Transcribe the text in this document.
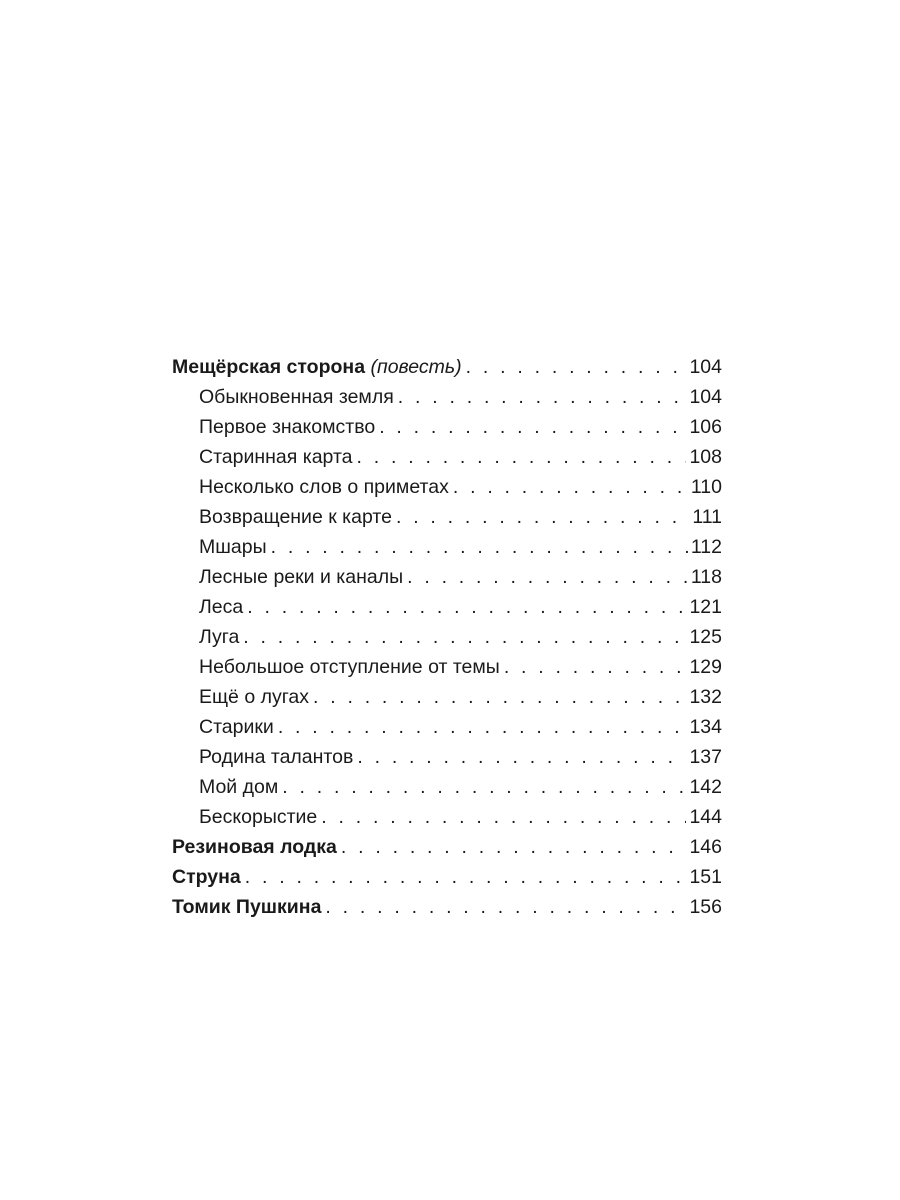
Мещёрская сторона (повесть) . . .	104
Обыкновенная земля . . .	104
Первое знакомство . . .	106
Старинная карта . . .	108
Несколько слов о приметах . . .	110
Возвращение к карте . . .	111
Мшары . . .	112
Лесные реки и каналы . . .	118
Леса . . .	121
Луга . . .	125
Небольшое отступление от темы . . .	129
Ещё о лугах . . .	132
Старики . . .	134
Родина талантов . . .	137
Мой дом . . .	142
Бескорыстие . . .	144
Резиновая лодка . . .	146
Струна . . .	151
Томик Пушкина . . .	156
